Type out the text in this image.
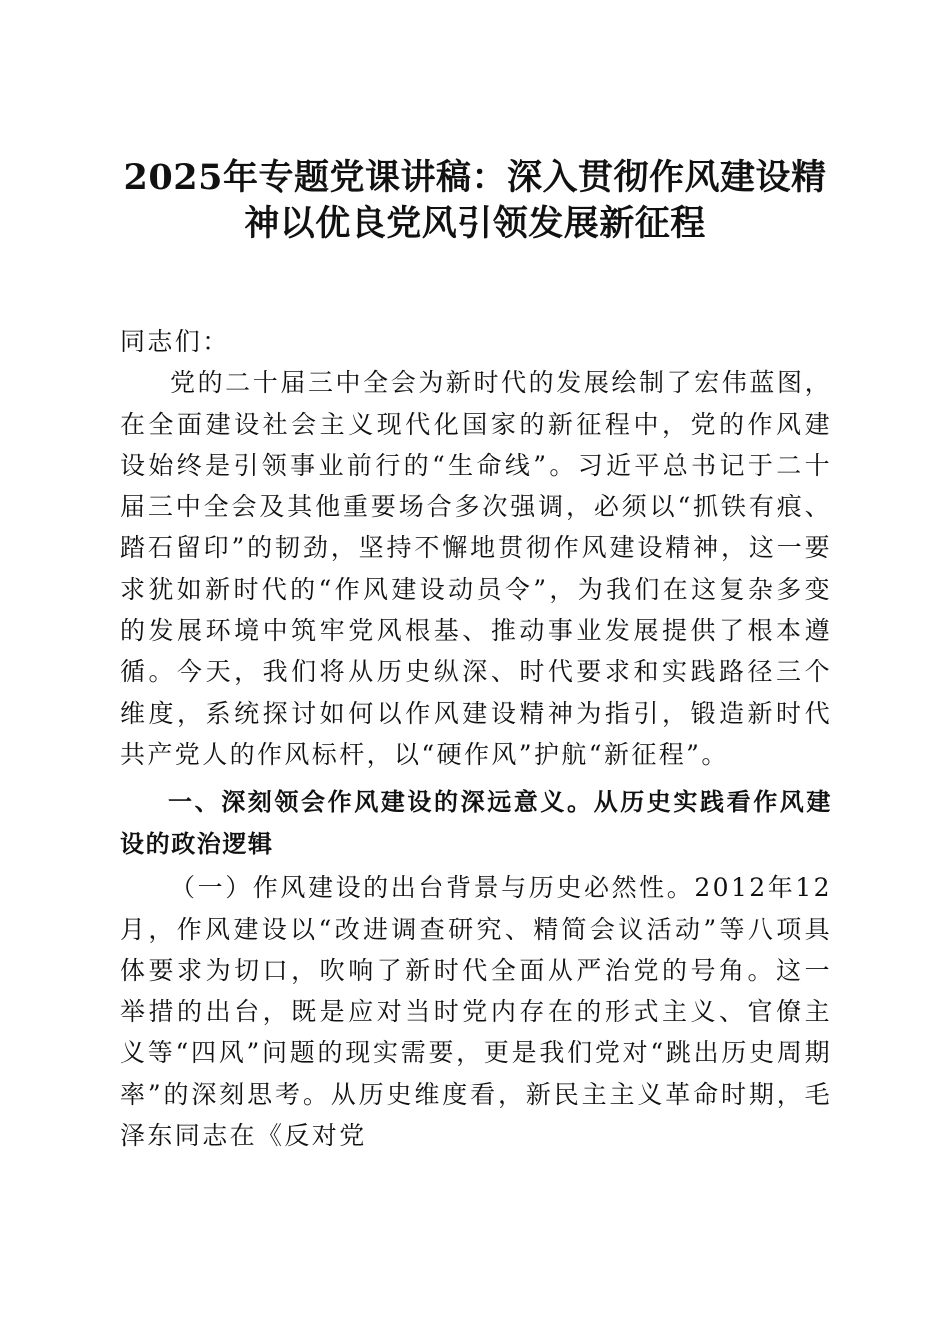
2025年专题党课讲稿：深入贯彻作风建设精
神以优良党风引领发展新征程

同志们：

党的二十届三中全会为新时代的发展绘制了宏伟蓝图，在全面建设社会主义现代化国家的新征程中，党的作风建设始终是引领事业前行的“生命线”。习近平总书记于二十届三中全会及其他重要场合多次强调，必须以“抓铁有痕、踏石留印”的韧劲，坚持不懈地贯彻作风建设精神，这一要求犹如新时代的“作风建设动员令”，为我们在这复杂多变的发展环境中筑牢党风根基、推动事业发展提供了根本遵循。今天，我们将从历史纵深、时代要求和实践路径三个维度，系统探讨如何以作风建设精神为指引，锻造新时代共产党人的作风标杆，以“硬作风”护航“新征程”。

一、深刻领会作风建设的深远意义。从历史实践看作风建设的政治逻辑

（一）作风建设的出台背景与历史必然性。2012年12月，作风建设以“改进调查研究、精简会议活动”等八项具体要求为切口，吹响了新时代全面从严治党的号角。这一举措的出台，既是应对当时党内存在的形式主义、官僚主义等“四风”问题的现实需要，更是我们党对“跳出历史周期率”的深刻思考。从历史维度看，新民主主义革命时期，毛泽东同志在《反对党
